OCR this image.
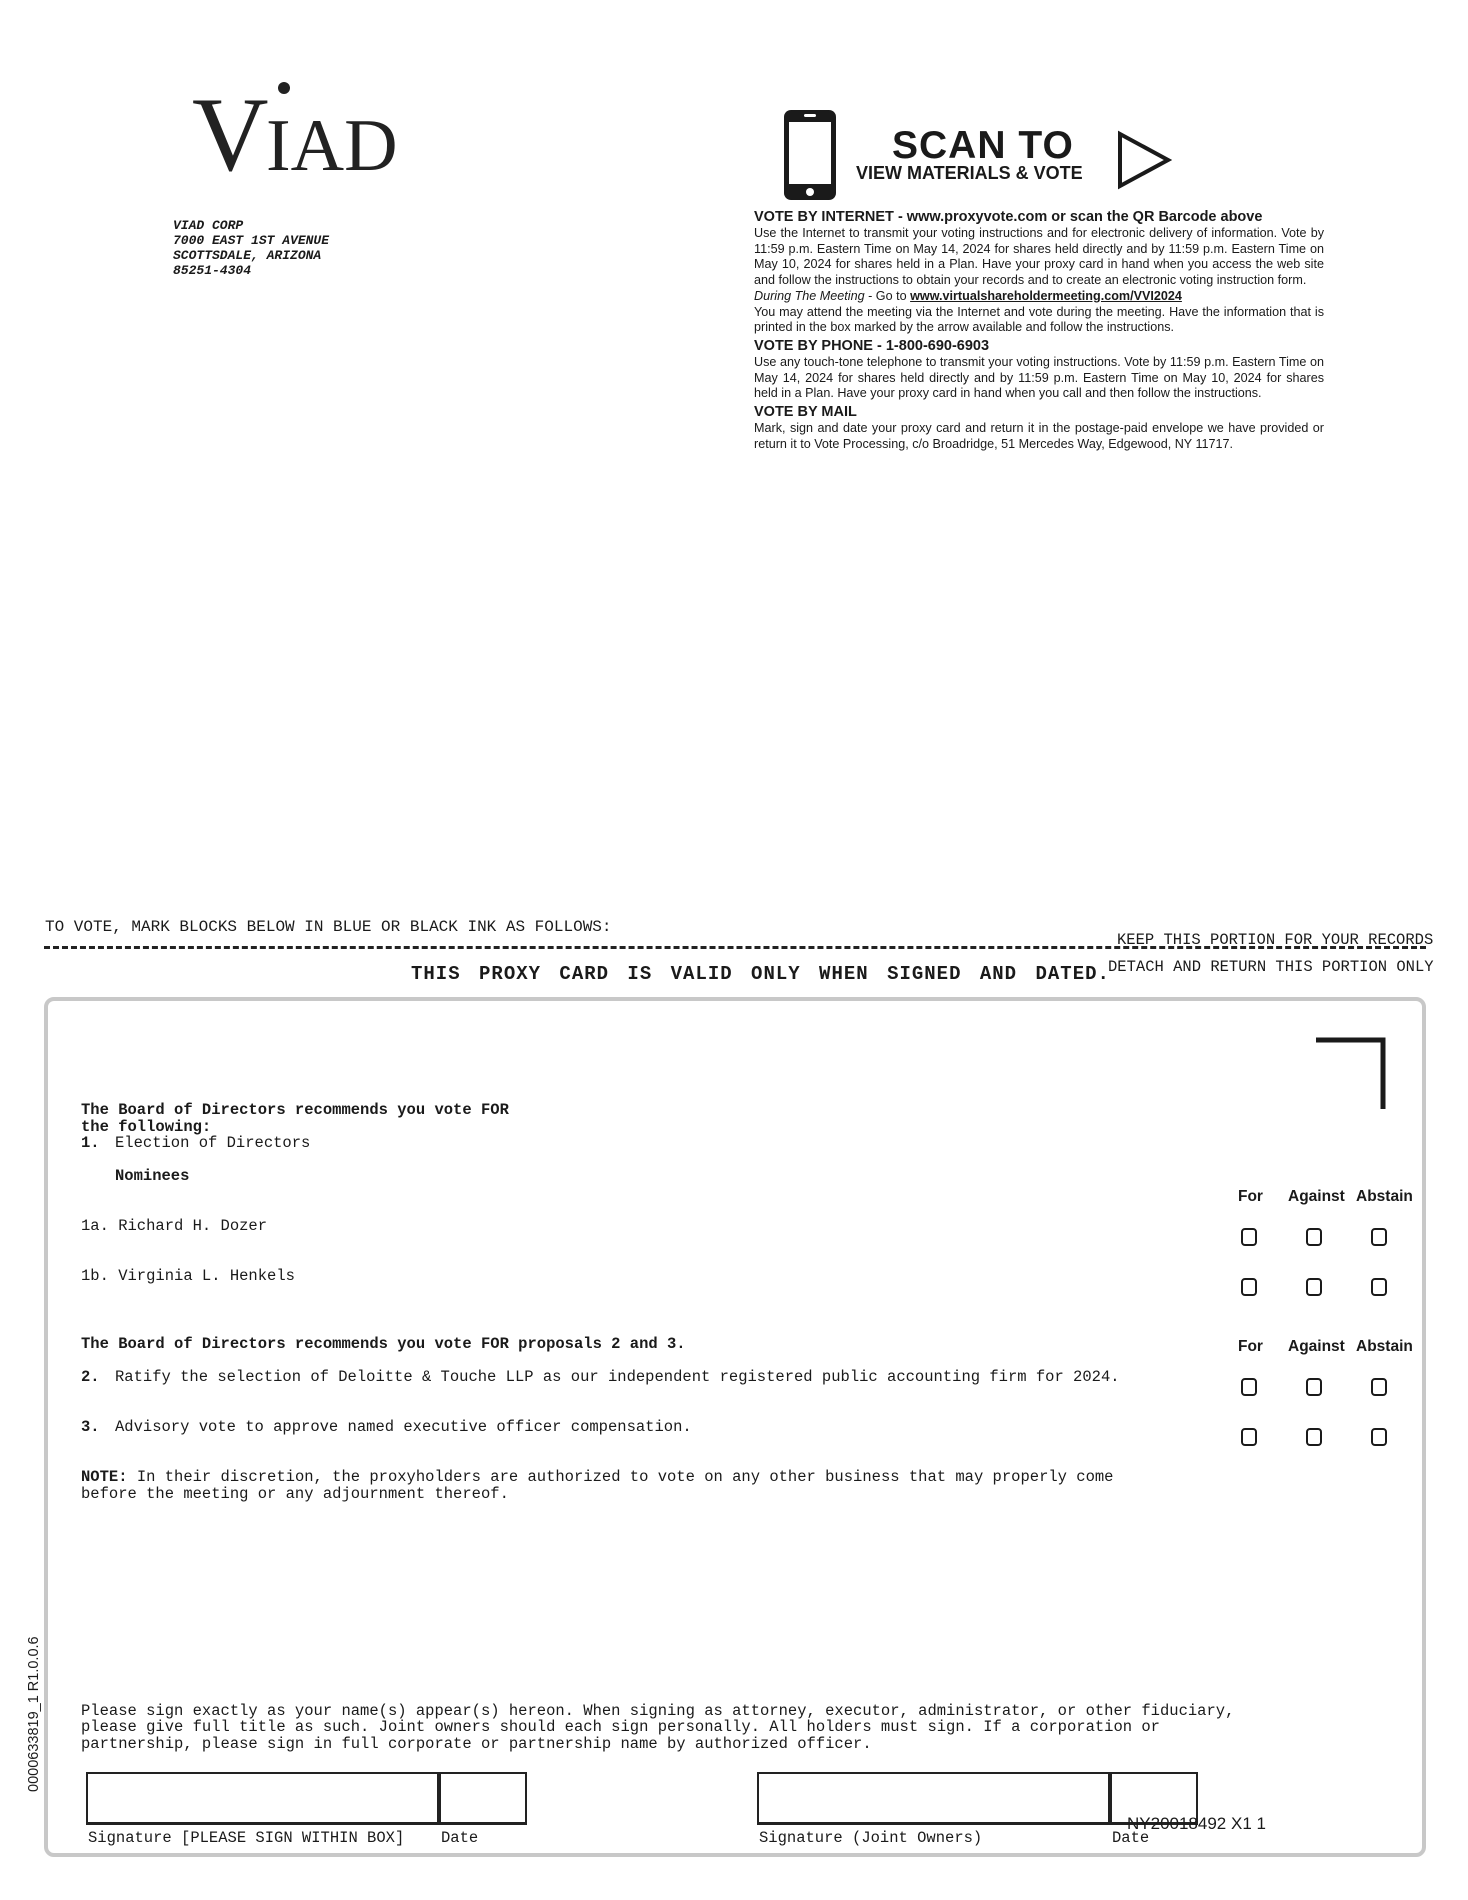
V IAD
VIAD CORP
7000 EAST 1ST AVENUE
SCOTTSDALE, ARIZONA
85251-4304
SCAN TO
VIEW MATERIALS & VOTE
VOTE BY INTERNET - www.proxyvote.com or scan the QR Barcode above

Use the Internet to transmit your voting instructions and for electronic delivery of information. Vote by 11:59 p.m. Eastern Time on May 14, 2024 for shares held directly and by 11:59 p.m. Eastern Time on May 10, 2024 for shares held in a Plan. Have your proxy card in hand when you access the web site and follow the instructions to obtain your records and to create an electronic voting instruction form.

During The Meeting - Go to www.virtualshareholdermeeting.com/VVI2024

You may attend the meeting via the Internet and vote during the meeting. Have the information that is printed in the box marked by the arrow available and follow the instructions.

VOTE BY PHONE - 1-800-690-6903

Use any touch-tone telephone to transmit your voting instructions. Vote by 11:59 p.m. Eastern Time on May 14, 2024 for shares held directly and by 11:59 p.m. Eastern Time on May 10, 2024 for shares held in a Plan. Have your proxy card in hand when you call and then follow the instructions.

VOTE BY MAIL

Mark, sign and date your proxy card and return it in the postage-paid envelope we have provided or return it to Vote Processing, c/o Broadridge, 51 Mercedes Way, Edgewood, NY 11717.

TO VOTE, MARK BLOCKS BELOW IN BLUE OR BLACK INK AS FOLLOWS:
KEEP THIS PORTION FOR YOUR RECORDS
DETACH AND RETURN THIS PORTION ONLY
THIS PROXY CARD IS VALID ONLY WHEN SIGNED AND DATED.
The Board of Directors recommends you vote FOR
the following:
1. Election of Directors
Nominees
For Against Abstain
1a. Richard H. Dozer
1b. Virginia L. Henkels
The Board of Directors recommends you vote FOR proposals 2 and 3.	For Against Abstain
2. Ratify the selection of Deloitte & Touche LLP as our independent registered public accounting firm for 2024.
3. Advisory vote to approve named executive officer compensation.
NOTE: In their discretion, the proxyholders are authorized to vote on any other business that may properly come
before the meeting or any adjournment thereof.
Please sign exactly as your name(s) appear(s) hereon. When signing as attorney, executor, administrator, or other fiduciary,
please give full title as such. Joint owners should each sign personally. All holders must sign. If a corporation or
partnership, please sign in full corporate or partnership name by authorized officer.
Signature [PLEASE SIGN WITHIN BOX] Date	Signature (Joint Owners)	Date
0000633819_1 R1.0.0.6
NY20018492 X1 1
